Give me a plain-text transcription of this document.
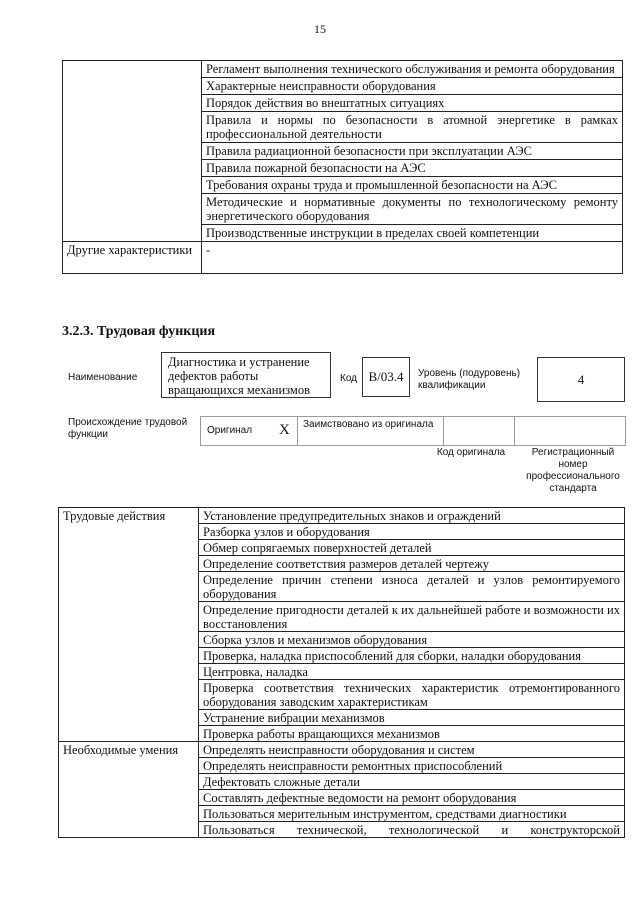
15
	Регламент выполнения технического обслуживания и ремонта оборудования
	Характерные неисправности оборудования
	Порядок действия во внештатных ситуациях
	Правила и нормы по безопасности в атомной энергетике в рамках профессиональной деятельности
	Правила радиационной безопасности при эксплуатации АЭС
	Правила пожарной безопасности на АЭС
	Требования охраны труда и промышленной безопасности на АЭС
	Методические и нормативные документы по технологическому ремонту энергетического оборудования
	Производственные инструкции в пределах своей компетенции
Другие характеристики	-
3.2.3. Трудовая функция
Наименование
Диагностика и устранение дефектов работы вращающихся механизмов
Код В/03.4	Уровень (подуровень) квалификации	4
Происхождение трудовой функции	Оригинал X Заимствовано из оригинала
Код оригинала	Регистрационный номер профессионального стандарта
Трудовые действия	Установление предупредительных знаков и ограждений
	Разборка узлов и оборудования
	Обмер сопрягаемых поверхностей деталей
	Определение соответствия размеров деталей чертежу
	Определение причин степени износа деталей и узлов ремонтируемого оборудования
	Определение пригодности деталей к их дальнейшей работе и возможности их восстановления
	Сборка узлов и механизмов оборудования
	Проверка, наладка приспособлений для сборки, наладки оборудования
	Центровка, наладка
	Проверка соответствия технических характеристик отремонтированного оборудования заводским характеристикам
	Устранение вибрации механизмов
	Проверка работы вращающихся механизмов
Необходимые умения	Определять неисправности оборудования и систем
	Определять неисправности ремонтных приспособлений
	Дефектовать сложные детали
	Составлять дефектные ведомости на ремонт оборудования
	Пользоваться мерительным инструментом, средствами диагностики
	Пользоваться технической, технологической и конструкторской
